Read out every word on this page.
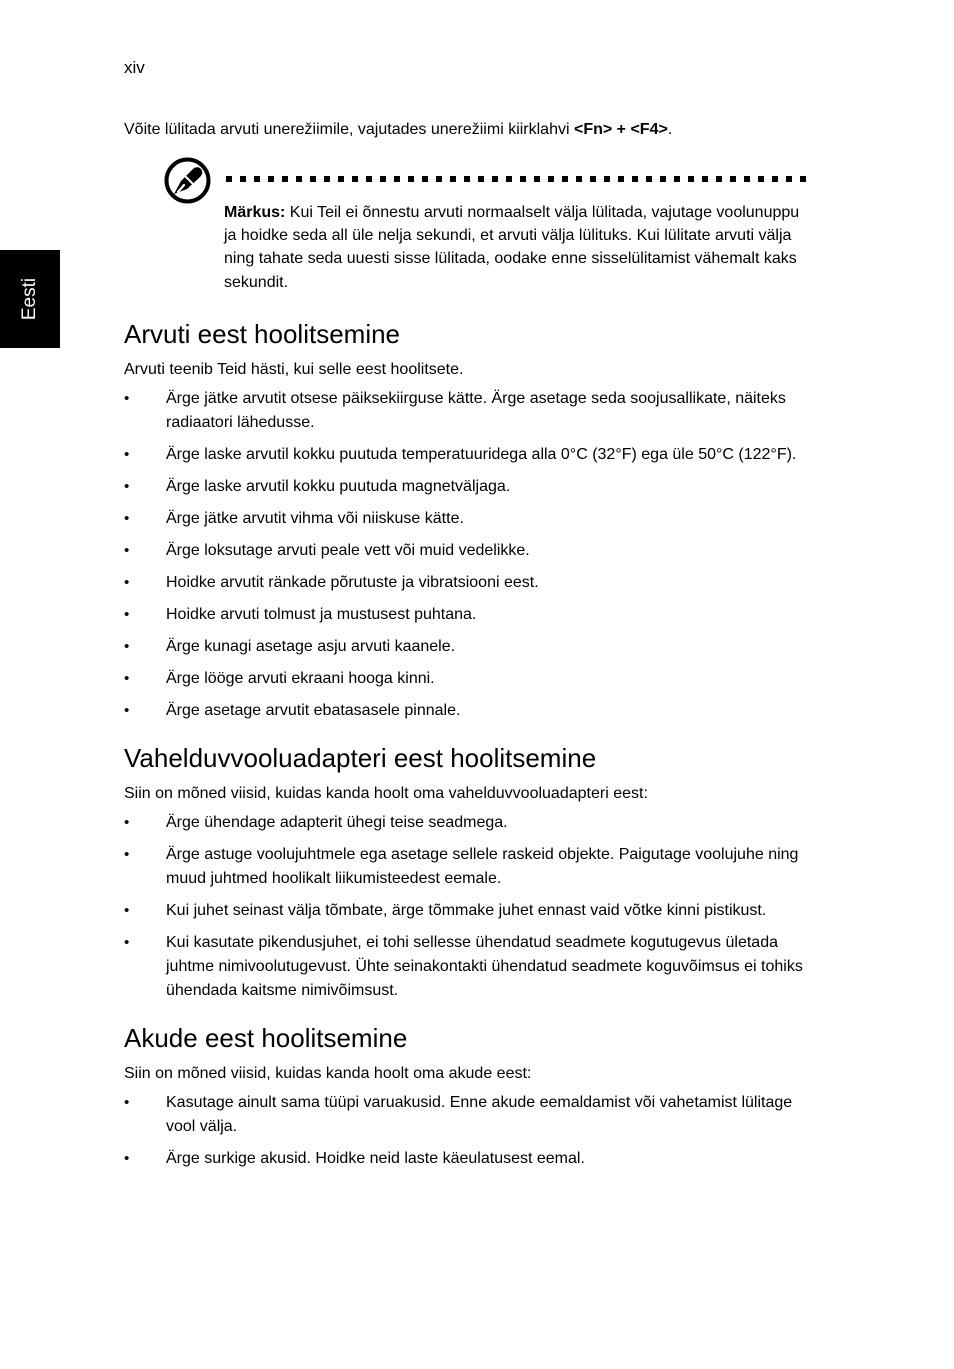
xiv
Eesti
Võite lülitada arvuti unerežiimile, vajutades unerežiimi kiirklahvi <Fn> + <F4>.
Märkus: Kui Teil ei õnnestu arvuti normaalselt välja lülitada, vajutage voolunuppu ja hoidke seda all üle nelja sekundi, et arvuti välja lülituks. Kui lülitate arvuti välja ning tahate seda uuesti sisse lülitada, oodake enne sisselülitamist vähemalt kaks sekundit.
Arvuti eest hoolitsemine

Arvuti teenib Teid hästi, kui selle eest hoolitsete.

• Ärge jätke arvutit otsese päiksekiirguse kätte. Ärge asetage seda soojusallikate, näiteks radiaatori lähedusse.
• Ärge laske arvutil kokku puutuda temperatuuridega alla 0°C (32°F) ega üle 50°C (122°F).
• Ärge laske arvutil kokku puutuda magnetväljaga.
• Ärge jätke arvutit vihma või niiskuse kätte.
• Ärge loksutage arvuti peale vett või muid vedelikke.
• Hoidke arvutit ränkade põrutuste ja vibratsiooni eest.
• Hoidke arvuti tolmust ja mustusest puhtana.
• Ärge kunagi asetage asju arvuti kaanele.
• Ärge lööge arvuti ekraani hooga kinni.
• Ärge asetage arvutit ebatasasele pinnale.
Vahelduvvooluadapteri eest hoolitsemine

Siin on mõned viisid, kuidas kanda hoolt oma vahelduvvooluadapteri eest:

• Ärge ühendage adapterit ühegi teise seadmega.
• Ärge astuge voolujuhtmele ega asetage sellele raskeid objekte. Paigutage voolujuhe ning muud juhtmed hoolikalt liikumisteedest eemale.
• Kui juhet seinast välja tõmbate, ärge tõmmake juhet ennast vaid võtke kinni pistikust.
• Kui kasutate pikendusjuhet, ei tohi sellesse ühendatud seadmete kogutugevus ületada juhtme nimivoolutugevust. Ühte seinakontakti ühendatud seadmete koguvõimsus ei tohiks ühendada kaitsme nimivõimsust.
Akude eest hoolitsemine

Siin on mõned viisid, kuidas kanda hoolt oma akude eest:

• Kasutage ainult sama tüüpi varuakusid. Enne akude eemaldamist või vahetamist lülitage vool välja.
• Ärge surkige akusid. Hoidke neid laste käeulatusest eemal.
